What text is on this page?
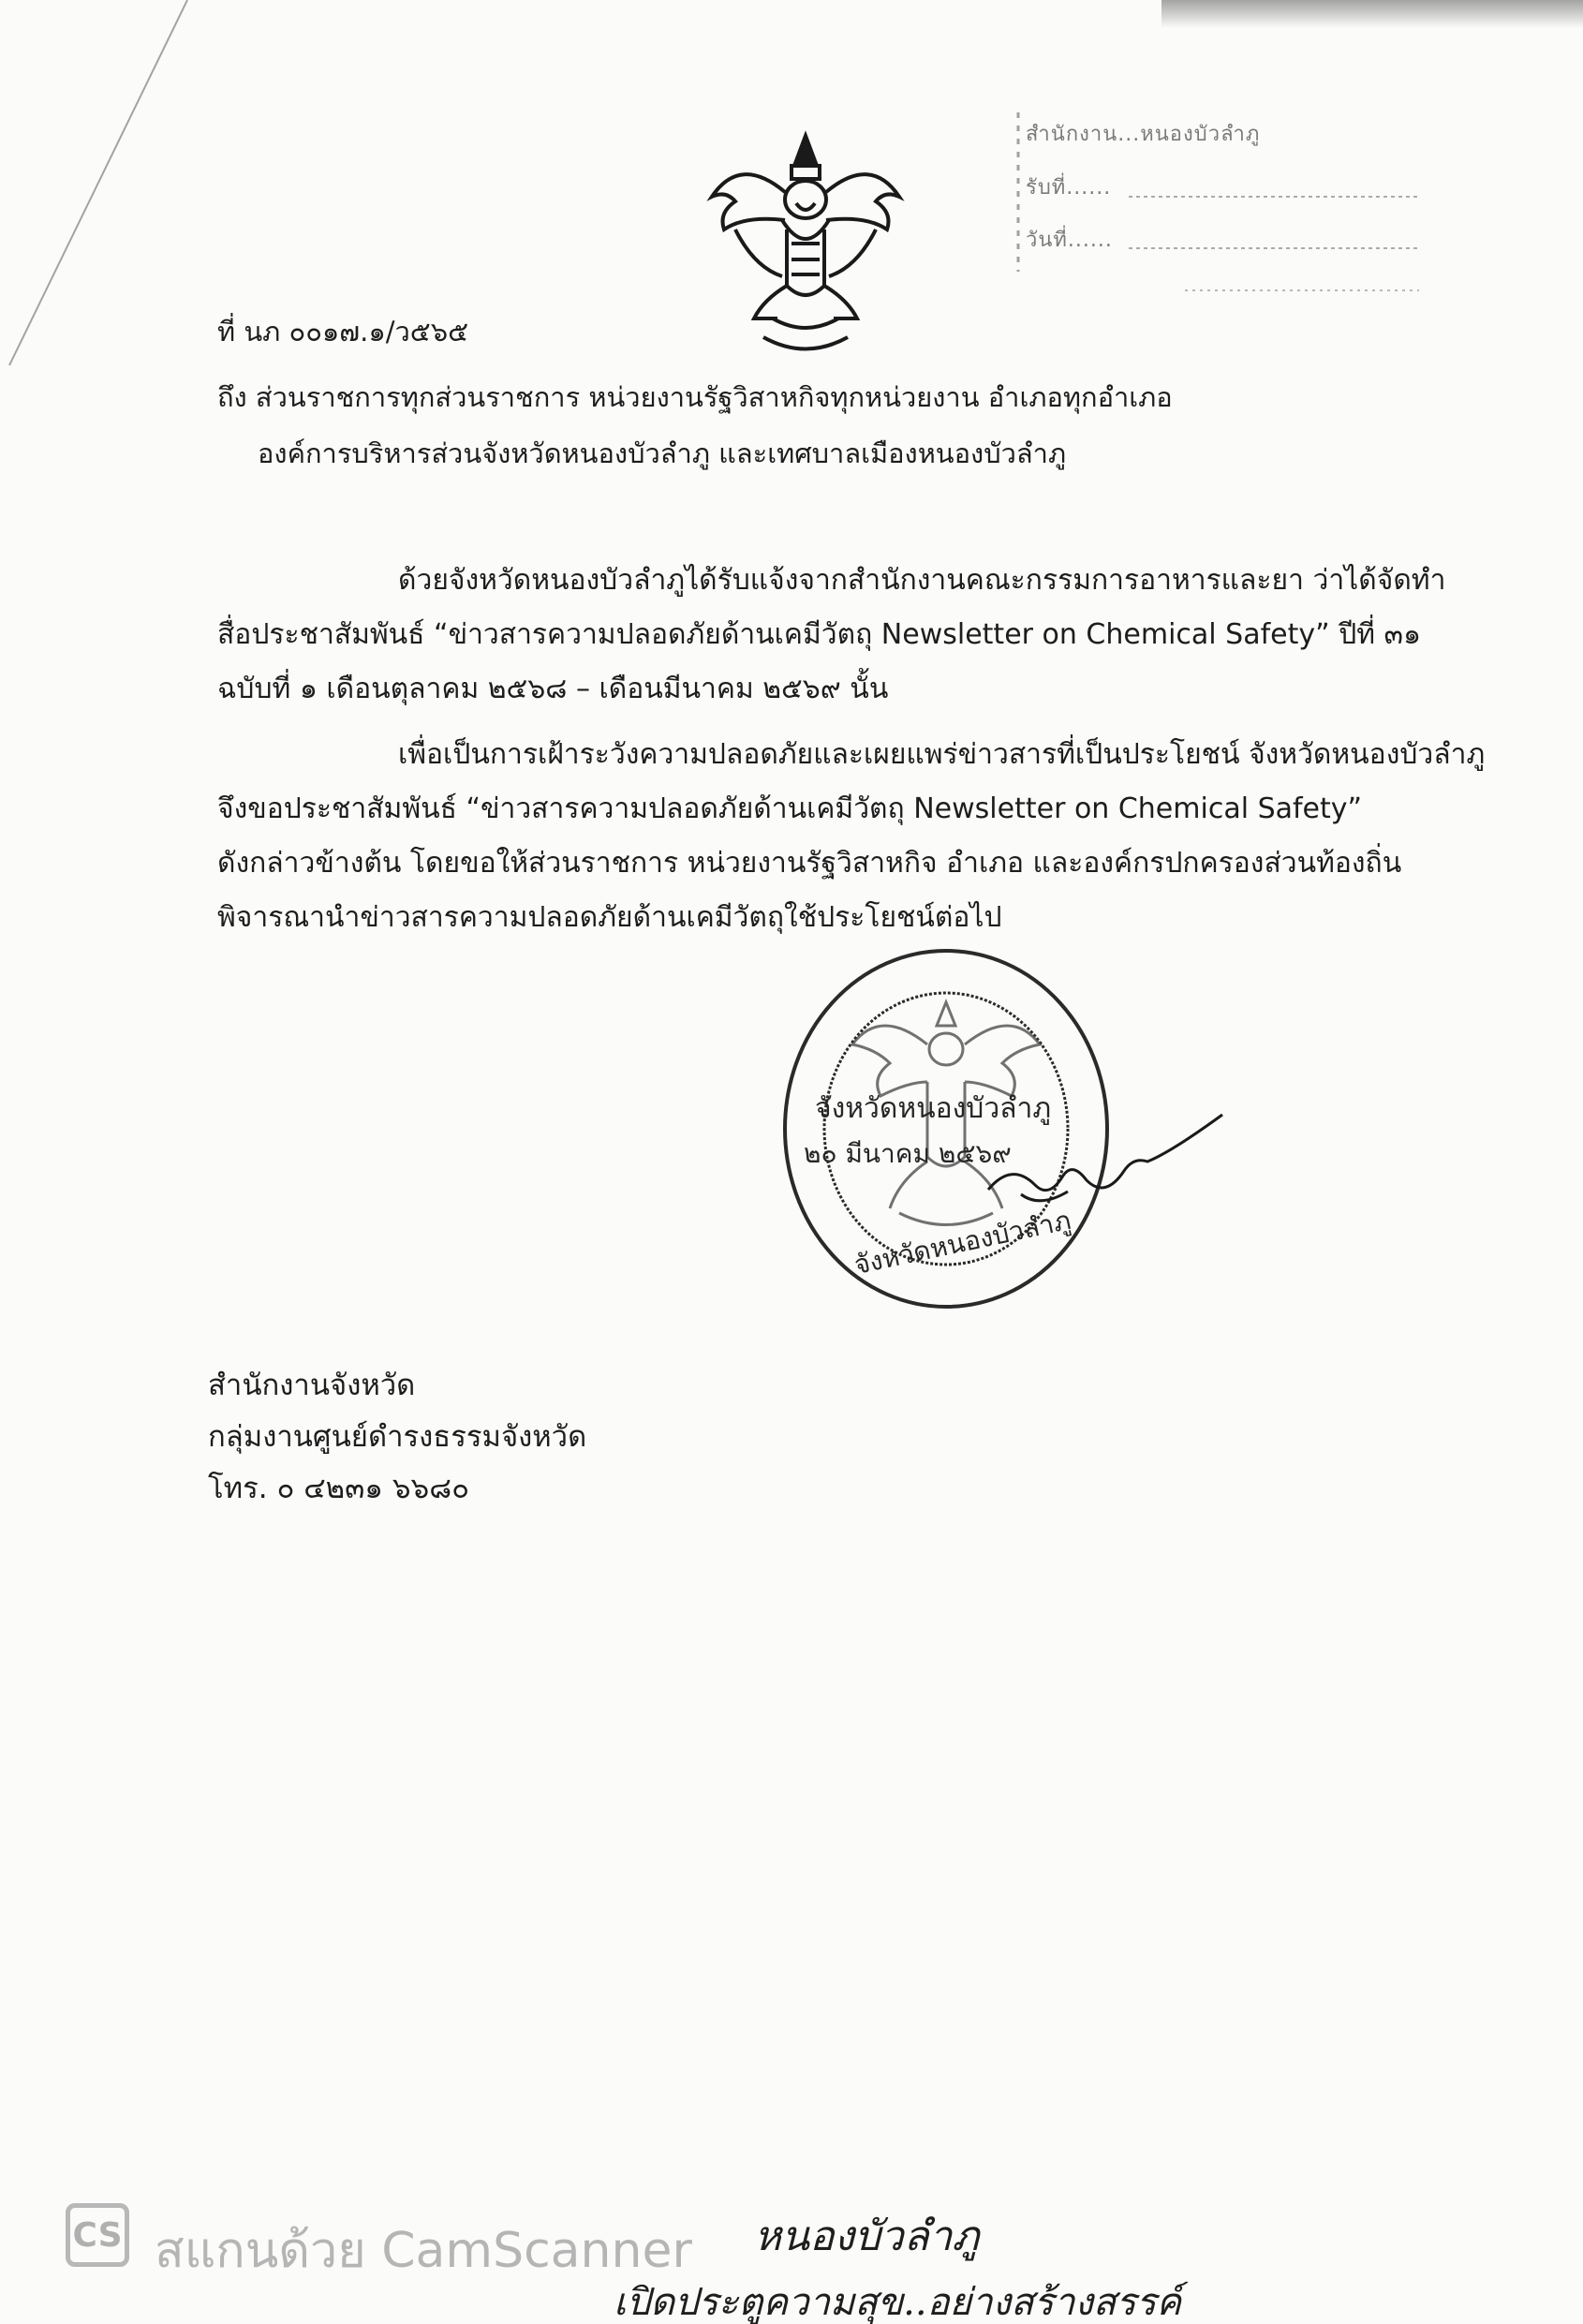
สำนักงาน...หนองบัวลำภู
รับที่......
วันที่......
ที่ นภ ๐๐๑๗.๑/ว๕๖๕
ถึง ส่วนราชการทุกส่วนราชการ หน่วยงานรัฐวิสาหกิจทุกหน่วยงาน อำเภอทุกอำเภอ
องค์การบริหารส่วนจังหวัดหนองบัวลำภู และเทศบาลเมืองหนองบัวลำภู
ด้วยจังหวัดหนองบัวลำภูได้รับแจ้งจากสำนักงานคณะกรรมการอาหารและยา ว่าได้จัดทำ
สื่อประชาสัมพันธ์ “ข่าวสารความปลอดภัยด้านเคมีวัตถุ Newsletter on Chemical Safety” ปีที่ ๓๑
ฉบับที่ ๑ เดือนตุลาคม ๒๕๖๘ – เดือนมีนาคม ๒๕๖๙ นั้น
เพื่อเป็นการเฝ้าระวังความปลอดภัยและเผยแพร่ข่าวสารที่เป็นประโยชน์ จังหวัดหนองบัวลำภู
จึงขอประชาสัมพันธ์ “ข่าวสารความปลอดภัยด้านเคมีวัตถุ Newsletter on Chemical Safety”
ดังกล่าวข้างต้น โดยขอให้ส่วนราชการ หน่วยงานรัฐวิสาหกิจ อำเภอ และองค์กรปกครองส่วนท้องถิ่น
พิจารณานำข่าวสารความปลอดภัยด้านเคมีวัตถุใช้ประโยชน์ต่อไป
จังหวัดหนองบัวลำภู
๒๐ มีนาคม ๒๕๖๙
จังหวัดหนองบัวลำภู
สำนักงานจังหวัด
กลุ่มงานศูนย์ดำรงธรรมจังหวัด
โทร. ๐ ๔๒๓๑ ๖๖๘๐
CS สแกนด้วย CamScanner หนองบัวลำภู
เปิดประตูความสุข..อย่างสร้างสรรค์
